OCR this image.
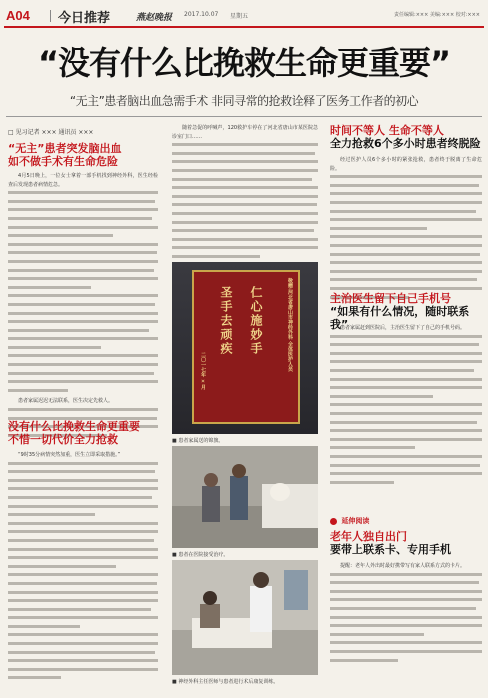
A04 今日推荐	燕赵晚报 2017.10.07 星期五	责任编辑:××× 美编:××× 校对:×××
“没有什么比挽救生命更重要”
“无主”患者脑出血急需手术 非同寻常的抢救诠释了医务工作者的初心
□ 见习记者 ××× 通讯员 ×××
“无主”患者突发脑出血
如不做手术有生命危险

4月5日晚上，一位女士拿着一部手机找到神经外科，医生经检查后发现患者病情危急。

患者家属迟迟无法联系，医生决定先救人。

没有什么比挽救生命更重要
不惜一切代价全力抢救

“9时35分病情突然加重，医生立即采取措施。”

随着急促的呼喊声，120救护车停在了河北省唐山市某医院急诊室门口……

敬赠:河北省唐山市神经外科 全体医护人员
仁心施妙手
圣手去顽疾
二〇一七年 ×月
■ 患者家属送的锦旗。
■ 患者在医院接受治疗。
■ 神经外科主任医师与患者进行术后康复训练。
时间不等人 生命不等人
全力抢救6个多小时患者终脱险

经过医护人员6个多小时的紧张抢救，患者终于脱离了生命危险。

主治医生留下自己手机号
“如果有什么情况，随时联系我”

患者家属赶到医院后，主治医生留下了自己的手机号码。

延伸阅读
老年人独自出门
要带上联系卡、专用手机

提醒：老年人外出时最好携带写有家人联系方式的卡片。
